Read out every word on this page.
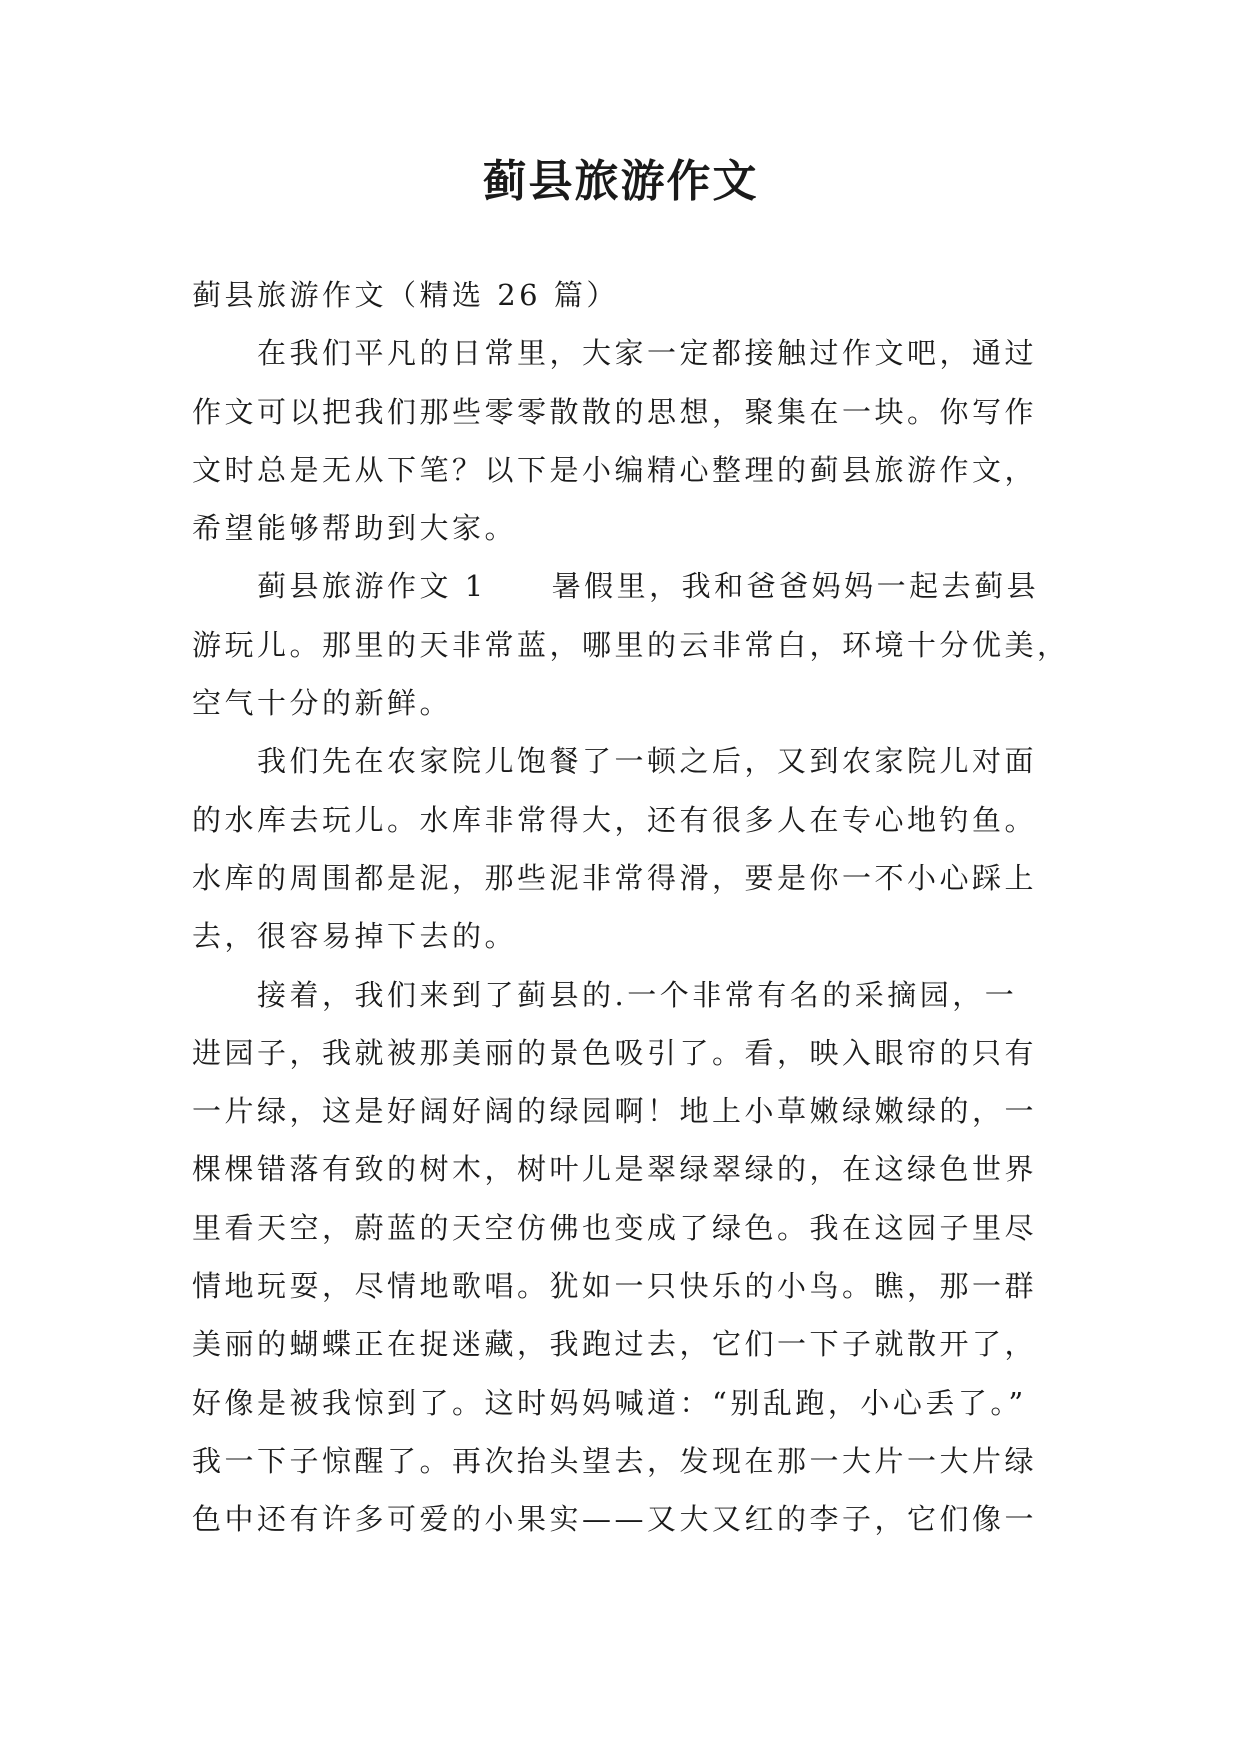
蓟县旅游作文
蓟县旅游作文（精选 26 篇）
在我们平凡的日常里，大家一定都接触过作文吧，通过
作文可以把我们那些零零散散的思想，聚集在一块。你写作
文时总是无从下笔？以下是小编精心整理的蓟县旅游作文，
希望能够帮助到大家。
蓟县旅游作文 1　　暑假里，我和爸爸妈妈一起去蓟县
游玩儿。那里的天非常蓝，哪里的云非常白，环境十分优美，
空气十分的新鲜。
我们先在农家院儿饱餐了一顿之后，又到农家院儿对面
的水库去玩儿。水库非常得大，还有很多人在专心地钓鱼。
水库的周围都是泥，那些泥非常得滑，要是你一不小心踩上
去，很容易掉下去的。
接着，我们来到了蓟县的.一个非常有名的采摘园，一
进园子，我就被那美丽的景色吸引了。看，映入眼帘的只有
一片绿，这是好阔好阔的绿园啊！地上小草嫩绿嫩绿的，一
棵棵错落有致的树木，树叶儿是翠绿翠绿的，在这绿色世界
里看天空，蔚蓝的天空仿佛也变成了绿色。我在这园子里尽
情地玩耍，尽情地歌唱。犹如一只快乐的小鸟。瞧，那一群
美丽的蝴蝶正在捉迷藏，我跑过去，它们一下子就散开了，
好像是被我惊到了。这时妈妈喊道：“别乱跑，小心丢了。”
我一下子惊醒了。再次抬头望去，发现在那一大片一大片绿
色中还有许多可爱的小果实——又大又红的李子，它们像一
